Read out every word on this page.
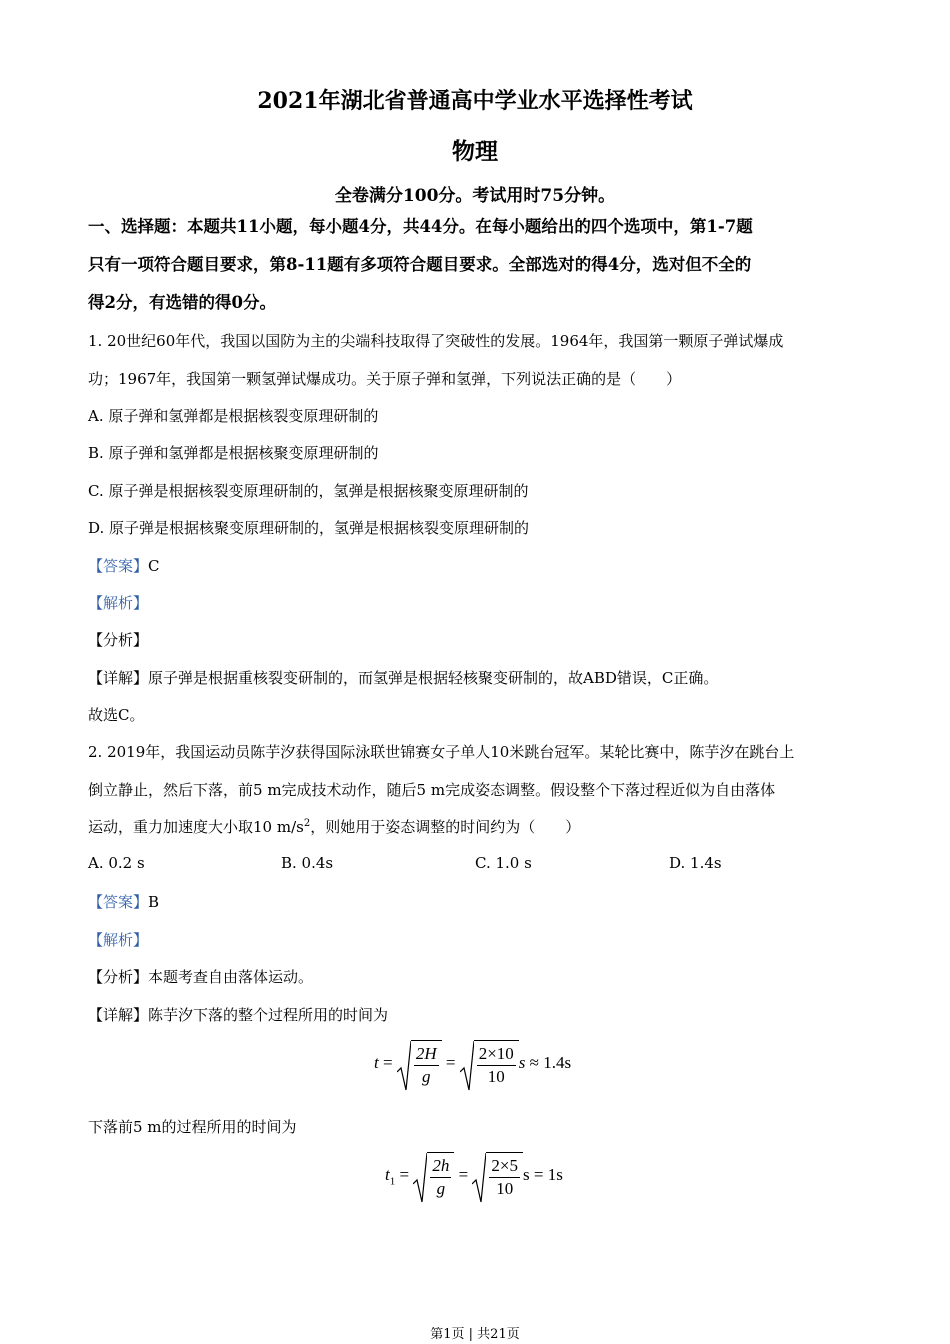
2021年湖北省普通高中学业水平选择性考试
物理
全卷满分100分。考试用时75分钟。
一、选择题：本题共11小题，每小题4分，共44分。在每小题给出的四个选项中，第1-7题
只有一项符合题目要求，第8-11题有多项符合题目要求。全部选对的得4分，选对但不全的
得2分，有选错的得0分。
1. 20世纪60年代，我国以国防为主的尖端科技取得了突破性的发展。1964年，我国第一颗原子弹试爆成
功；1967年，我国第一颗氢弹试爆成功。关于原子弹和氢弹，下列说法正确的是（　　）
A. 原子弹和氢弹都是根据核裂变原理研制的
B. 原子弹和氢弹都是根据核聚变原理研制的
C. 原子弹是根据核裂变原理研制的，氢弹是根据核聚变原理研制的
D. 原子弹是根据核聚变原理研制的，氢弹是根据核裂变原理研制的
【答案】C
【解析】
【分析】
【详解】原子弹是根据重核裂变研制的，而氢弹是根据轻核聚变研制的，故ABD错误，C正确。
故选C。
2. 2019年，我国运动员陈芋汐获得国际泳联世锦赛女子单人10米跳台冠军。某轮比赛中，陈芋汐在跳台上
倒立静止，然后下落，前5 m完成技术动作，随后5 m完成姿态调整。假设整个下落过程近似为自由落体
运动，重力加速度大小取10 $m/s^2$，则她用于姿态调整的时间约为（　　）
A. 0.2 s	B. 0.4s	C. 1.0 s	D. 1.4s
【答案】B
【解析】
【分析】本题考查自由落体运动。
【详解】陈芋汐下落的整个过程所用的时间为
$t = \frac{2H}{g} = \frac{2\times 10}{10}$ s ≈ 1.4s
下落前5 m的过程所用的时间为
$t_1 = \frac{2h}{g} = \frac{2\times 5}{10}$ s = 1s
第1页 | 共21页
